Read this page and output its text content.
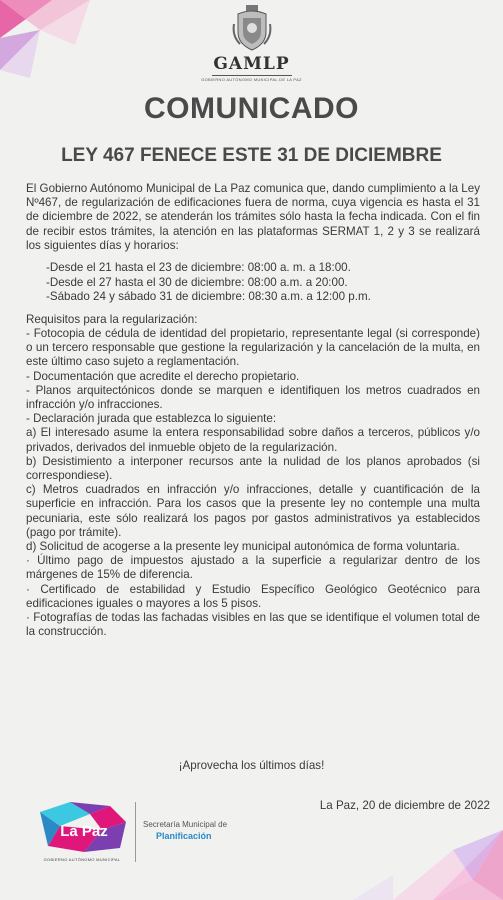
GAMLP
GOBIERNO AUTÓNOMO MUNICIPAL DE LA PAZ
COMUNICADO
LEY 467 FENECE ESTE 31 DE DICIEMBRE

El Gobierno Autónomo Municipal de La Paz comunica que, dando cumplimiento a la Ley Nº467, de regularización de edificaciones fuera de norma, cuya vigencia es hasta el 31 de diciembre de 2022, se atenderán los trámites sólo hasta la fecha indicada. Con el fin de recibir estos trámites, la atención en las plataformas SERMAT 1, 2 y 3 se realizará los siguientes días y horarios:

-Desde el 21 hasta el 23 de diciembre: 08:00 a. m. a 18:00.
-Desde el 27 hasta el 30 de diciembre: 08:00 a.m. a 20:00.
-Sábado 24 y sábado 31 de diciembre: 08:30 a.m. a 12:00 p.m.

Requisitos para la regularización:

- Fotocopia de cédula de identidad del propietario, representante legal (si corresponde) o un tercero responsable que gestione la regularización y la cancelación de la multa, en este último caso sujeto a reglamentación.

- Documentación que acredite el derecho propietario.

- Planos arquitectónicos donde se marquen e identifiquen los metros cuadrados en infracción y/o infracciones.

- Declaración jurada que establezca lo siguiente:

a) El interesado asume la entera responsabilidad sobre daños a terceros, públicos y/o privados, derivados del inmueble objeto de la regularización.

b) Desistimiento a interponer recursos ante la nulidad de los planos aprobados (si correspondiese).

c) Metros cuadrados en infracción y/o infracciones, detalle y cuantificación de la superficie en infracción. Para los casos que la presente ley no contemple una multa pecuniaria, este sólo realizará los pagos por gastos administrativos ya establecidos (pago por trámite).

d) Solicitud de acogerse a la presente ley municipal autonómica de forma voluntaria.

· Último pago de impuestos ajustado a la superficie a regularizar dentro de los márgenes de 15% de diferencia.

· Certificado de estabilidad y Estudio Específico Geológico Geotécnico para edificaciones iguales o mayores a los 5 pisos.

· Fotografías de todas las fachadas visibles en las que se identifique el volumen total de la construcción.

¡Aprovecha los últimos días!
La Paz, 20 de diciembre de 2022
La Paz
GOBIERNO AUTÓNOMO MUNICIPAL
Secretaría Municipal de
Planificación
